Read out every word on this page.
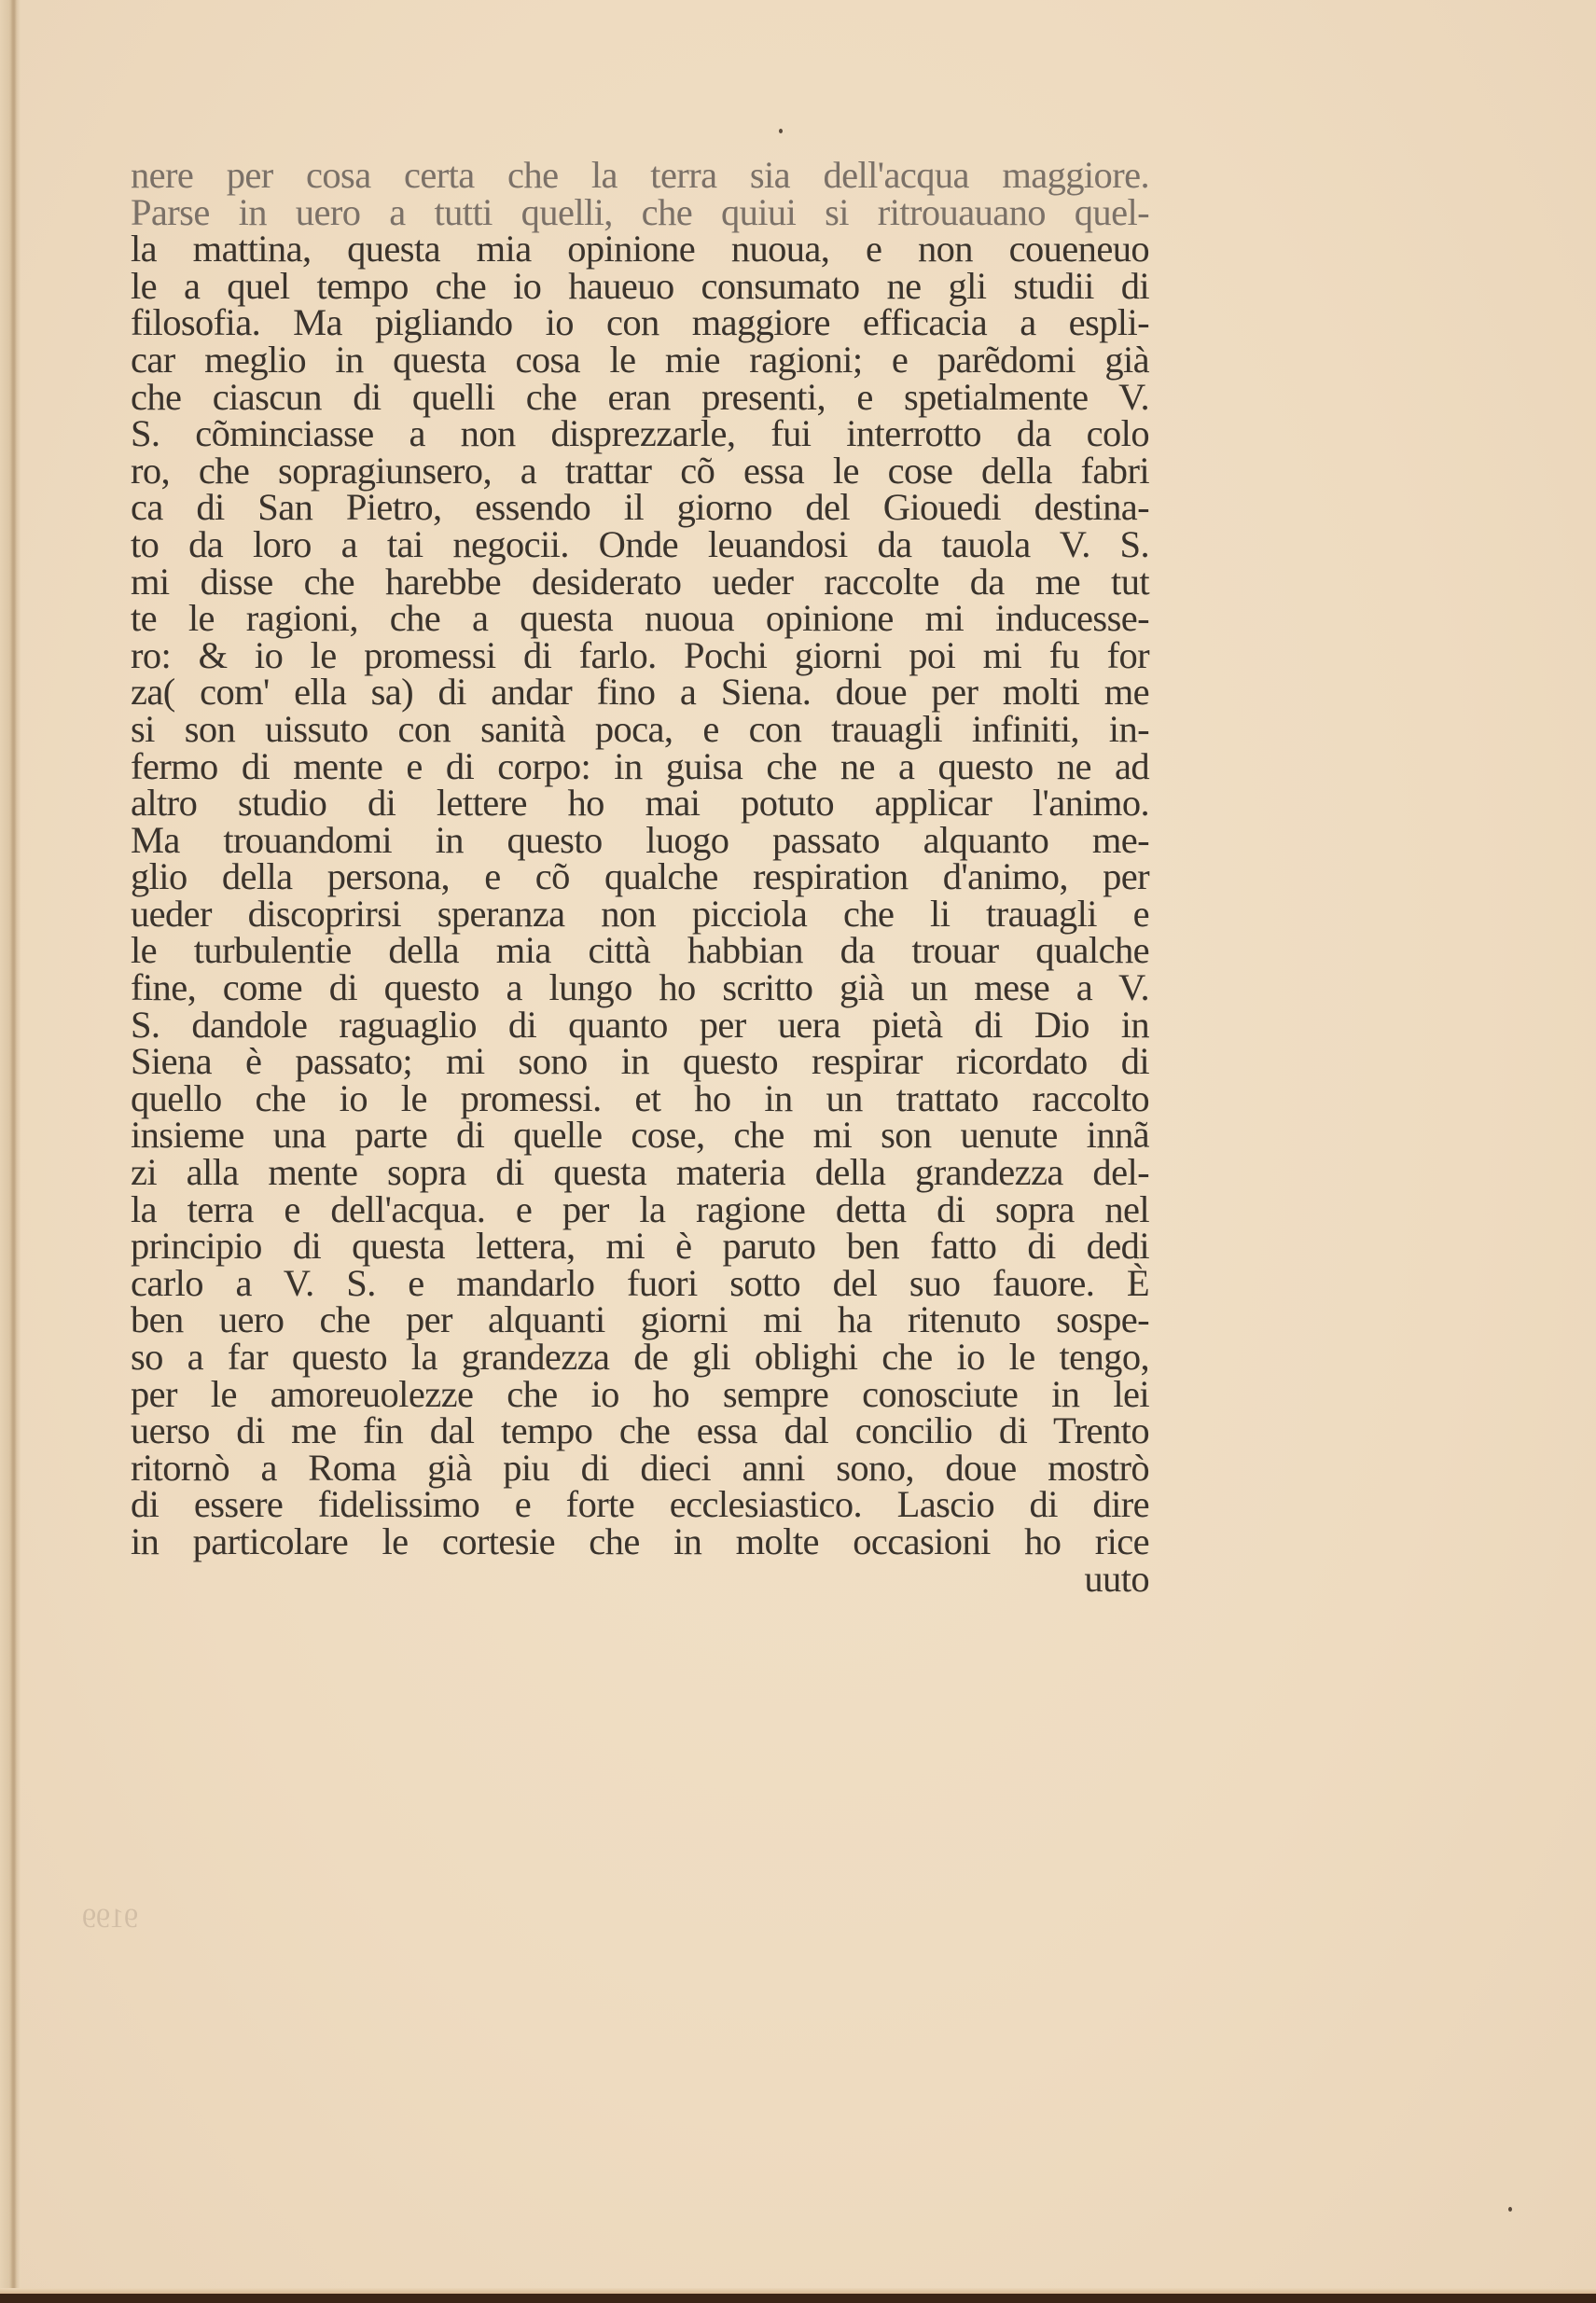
nere per cosa certa che la terra sia dell'acqua maggiore.
Parse in uero a tutti quelli, che quiui si ritrouauano quel-
la mattina, questa mia opinione nuoua, e non coueneuo
le a quel tempo che io haueuo consumato ne gli studii di
filosofia. Ma pigliando io con maggiore efficacia a espli-
car meglio in questa cosa le mie ragioni; e parẽdomi già
che ciascun di quelli che eran presenti, e spetialmente V.
S. cõminciasse a non disprezzarle, fui interrotto da colo
ro, che sopragiunsero, a trattar cõ essa le cose della fabri
ca di San Pietro, essendo il giorno del Giouedi destina-
to da loro a tai negocii. Onde leuandosi da tauola V. S.
mi disse che harebbe desiderato ueder raccolte da me tut
te le ragioni, che a questa nuoua opinione mi inducesse-
ro: & io le promessi di farlo. Pochi giorni poi mi fu for
za( com' ella sa) di andar fino a Siena. doue per molti me
si son uissuto con sanità poca, e con trauagli infiniti, in-
fermo di mente e di corpo: in guisa che ne a questo ne ad
altro studio di lettere ho mai potuto applicar l'animo.
Ma trouandomi in questo luogo passato alquanto me-
glio della persona, e cõ qualche respiration d'animo, per
ueder discoprirsi speranza non picciola che li trauagli e
le turbulentie della mia città habbian da trouar qualche
fine, come di questo a lungo ho scritto già un mese a V.
S. dandole raguaglio di quanto per uera pietà di Dio in
Siena è passato; mi sono in questo respirar ricordato di
quello che io le promessi. et ho in un trattato raccolto
insieme una parte di quelle cose, che mi son uenute innã
zi alla mente sopra di questa materia della grandezza del-
la terra e dell'acqua. e per la ragione detta di sopra nel
principio di questa lettera, mi è paruto ben fatto di dedi
carlo a V. S. e mandarlo fuori sotto del suo fauore. È
ben uero che per alquanti giorni mi ha ritenuto sospe-
so a far questo la grandezza de gli oblighi che io le tengo,
per le amoreuolezze che io ho sempre conosciute in lei
uerso di me fin dal tempo che essa dal concilio di Trento
ritornò a Roma già piu di dieci anni sono, doue mostrò
di essere fidelissimo e forte ecclesiastico. Lascio di dire
in particolare le cortesie che in molte occasioni ho rice
uuto
9199
